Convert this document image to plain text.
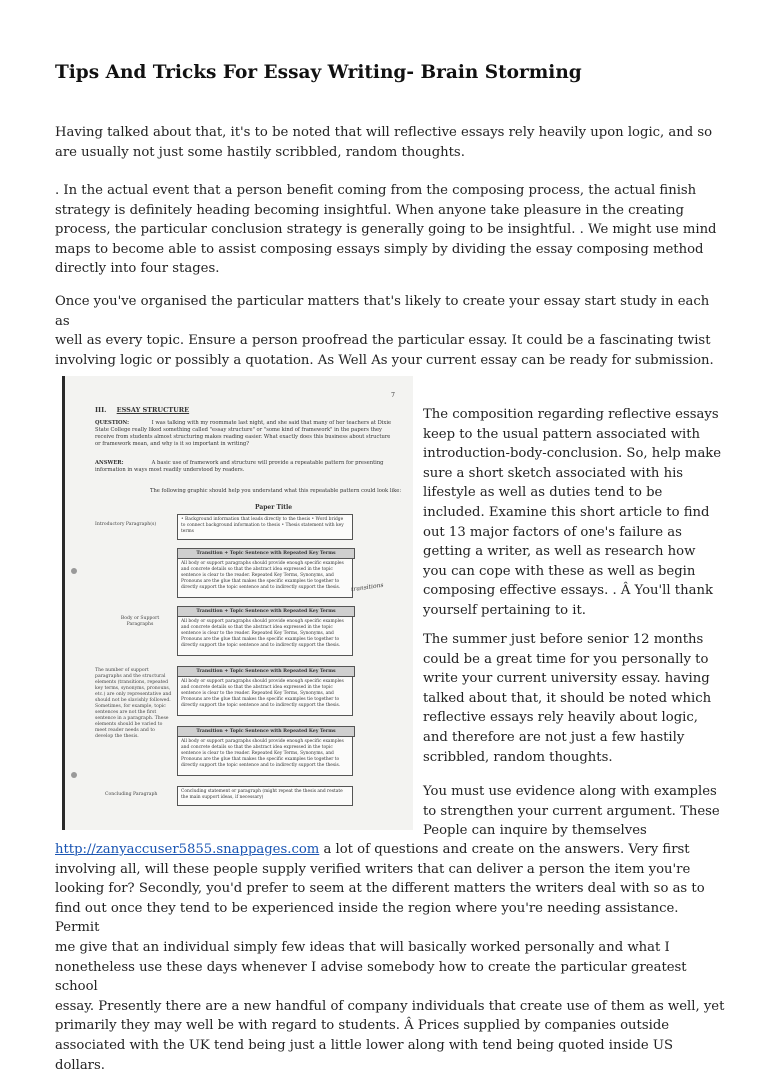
Tips And Tricks For Essay Writing- Brain Storming

Having talked about that, it's to be noted that will reflective essays rely heavily upon logic, and so
are usually not just some hastily scribbled, random thoughts.

. In the actual event that a person benefit coming from the composing process, the actual finish
strategy is definitely heading becoming insightful. When anyone take pleasure in the creating
process, the particular conclusion strategy is generally going to be insightful. . We might use mind
maps to become able to assist composing essays simply by dividing the essay composing method
directly into four stages.

Once you've organised the particular matters that's likely to create your essay start study in each as
well as every topic. Ensure a person proofread the particular essay. It could be a fascinating twist
involving logic or possibly a quotation. As Well As your current essay can be ready for submission.

7
III. ESSAY STRUCTURE
QUESTION:	I was talking with my roommate last night, and she said that many of her teachers at Dixie State College really liked something called "essay structure" or "some kind of framework" in the papers they receive from students almost structuring makes reading easier. What exactly does this business about structure or framework mean, and why is it so important in writing?
ANSWER:	A basic use of framework and structure will provide a repeatable pattern for presenting information in ways most readily understood by readers.
The following graphic should help you understand what this repeatable pattern could look like:
Paper Title
Introductory Paragraph(s)
• Background information that leads directly to the thesis • Word bridge to connect background information to thesis • Thesis statement with key terms
Transition + Topic Sentence with Repeated Key Terms
All body or support paragraphs should provide enough specific examples and concrete details so that the abstract idea expressed in the topic sentence is clear to the reader. Repeated Key Terms, Synonyms, and Pronouns are the glue that makes the specific examples tie together to directly support the topic sentence and to indirectly support the thesis.	transitions
Transition + Topic Sentence with Repeated Key Terms
All body or support paragraphs should provide enough specific examples and concrete details so that the abstract idea expressed in the topic sentence is clear to the reader. Repeated Key Terms, Synonyms, and Pronouns are the glue that makes the specific examples tie together to directly support the topic sentence and to indirectly support the thesis.
Body or Support Paragraphs
Transition + Topic Sentence with Repeated Key Terms
All body or support paragraphs should provide enough specific examples and concrete details so that the abstract idea expressed in the topic sentence is clear to the reader. Repeated Key Terms, Synonyms, and Pronouns are the glue that makes the specific examples tie together to directly support the topic sentence and to indirectly support the thesis.
The number of support paragraphs and the structural elements (transitions, repeated key terms, synonyms, pronouns, etc.) are only representative and should not be slavishly followed. Sometimes, for example, topic sentences are not the first sentence in a paragraph. These elements should be varied to meet reader needs and to develop the thesis.
Transition + Topic Sentence with Repeated Key Terms
All body or support paragraphs should provide enough specific examples and concrete details so that the abstract idea expressed in the topic sentence is clear to the reader. Repeated Key Terms, Synonyms, and Pronouns are the glue that makes the specific examples tie together to directly support the topic sentence and to indirectly support the thesis.
Concluding Paragraph
Concluding statement or paragraph (might repeat the thesis and restate the main support ideas, if necessary)

The composition regarding reflective essays
keep to the usual pattern associated with
introduction-body-conclusion. So, help make
sure a short sketch associated with his
lifestyle as well as duties tend to be
included. Examine this short article to find
out 13 major factors of one's failure as
getting a writer, as well as research how
you can cope with these as well as begin
composing effective essays. . Â You'll thank
yourself pertaining to it.

The summer just before senior 12 months
could be a great time for you personally to
write your current university essay. having
talked about that, it should be noted which
reflective essays rely heavily about logic,
and therefore are not just a few hastily
scribbled, random thoughts.

You must use evidence along with examples
to strengthen your current argument. These
People can inquire by themselves

http://zanyaccuser5855.snappages.com a lot of questions and create on the answers. Very first
involving all, will these people supply verified writers that can deliver a person the item you're
looking for? Secondly, you'd prefer to seem at the different matters the writers deal with so as to
find out once they tend to be experienced inside the region where you're needing assistance. Permit
me give that an individual simply few ideas that will basically worked personally and what I
nonetheless use these days whenever I advise somebody how to create the particular greatest school
essay. Presently there are a new handful of company individuals that create use of them as well, yet
primarily they may well be with regard to students. Â Prices supplied by companies outside
associated with the UK tend being just a little lower along with tend being quoted inside US dollars.
